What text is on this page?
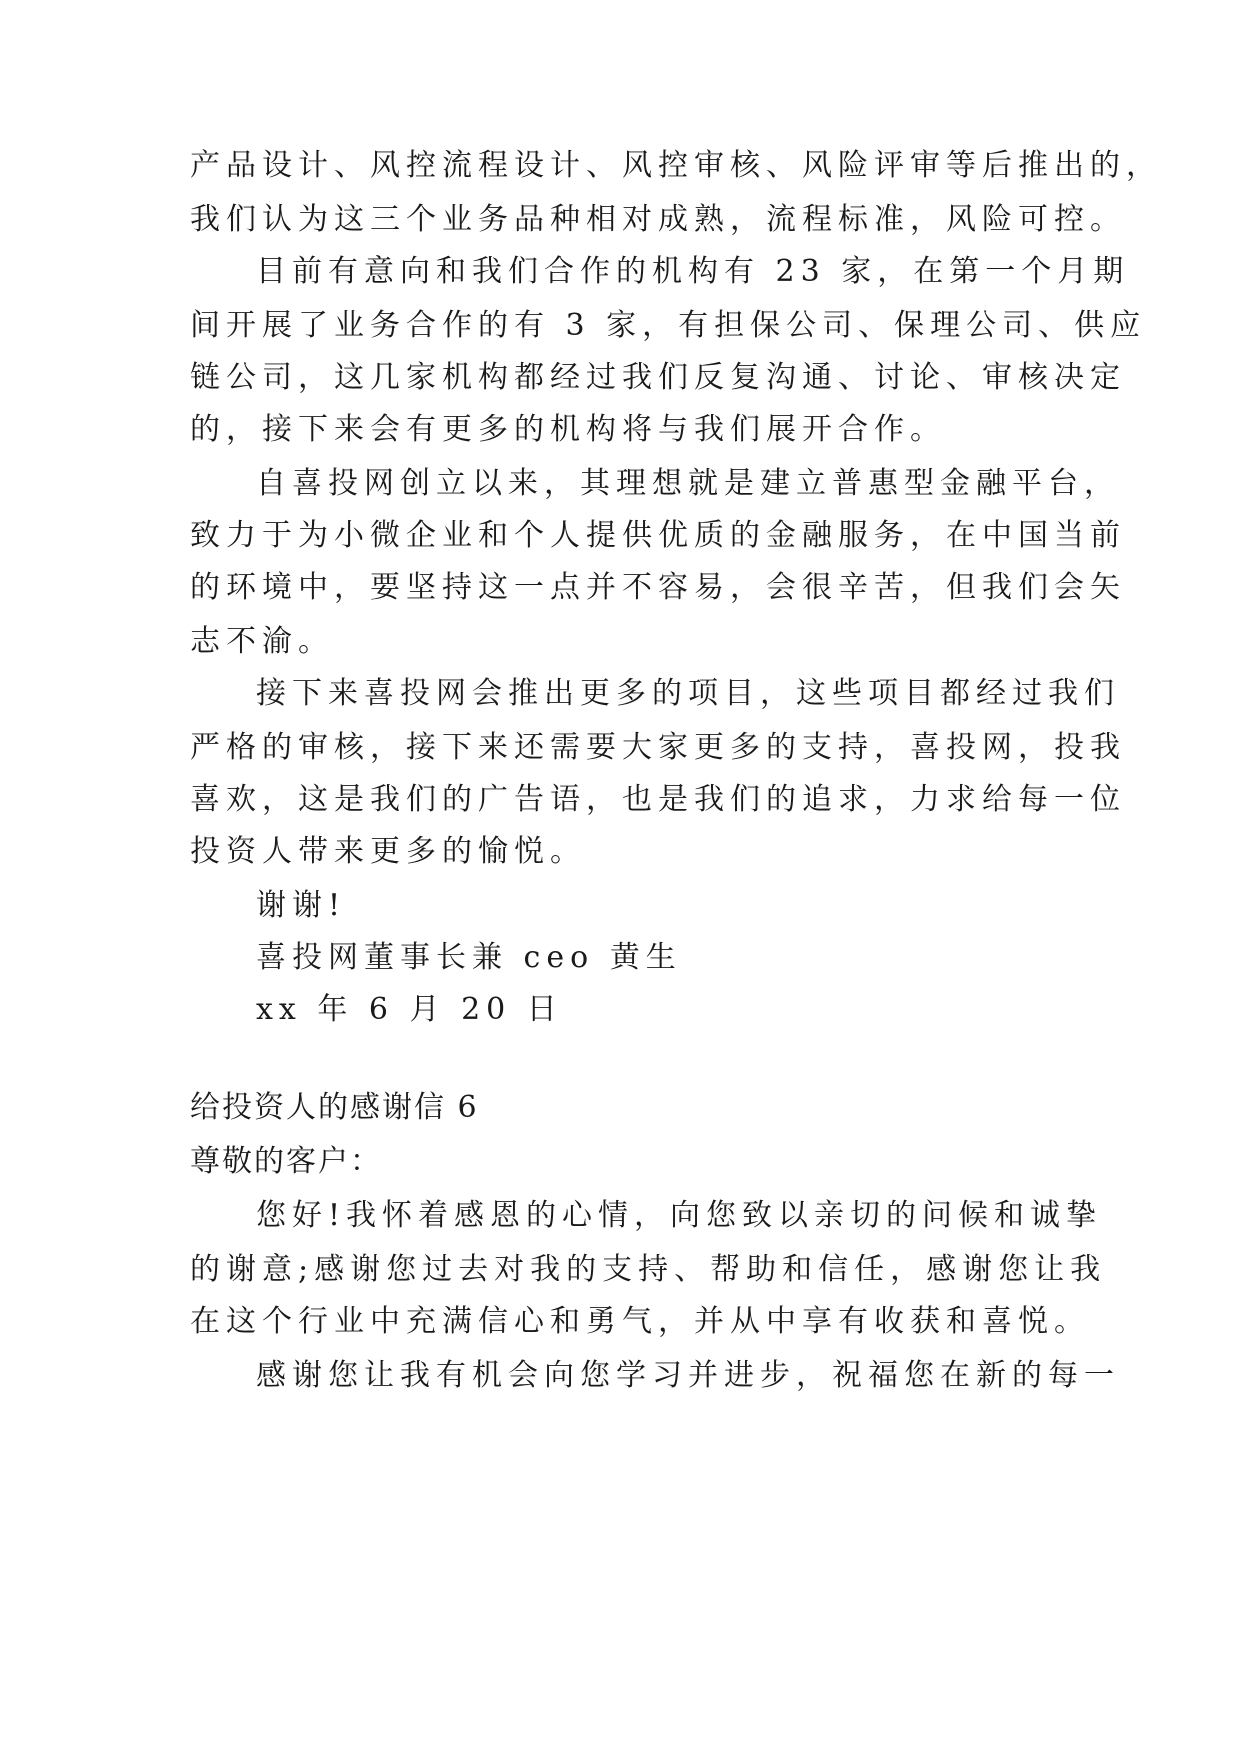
产品设计、风控流程设计、风控审核、风险评审等后推出的，
我们认为这三个业务品种相对成熟，流程标准，风险可控。
目前有意向和我们合作的机构有 23 家，在第一个月期
间开展了业务合作的有 3 家，有担保公司、保理公司、供应
链公司，这几家机构都经过我们反复沟通、讨论、审核决定
的，接下来会有更多的机构将与我们展开合作。
自喜投网创立以来，其理想就是建立普惠型金融平台，
致力于为小微企业和个人提供优质的金融服务，在中国当前
的环境中，要坚持这一点并不容易，会很辛苦，但我们会矢
志不渝。
接下来喜投网会推出更多的项目，这些项目都经过我们
严格的审核，接下来还需要大家更多的支持，喜投网，投我
喜欢，这是我们的广告语，也是我们的追求，力求给每一位
投资人带来更多的愉悦。
谢谢!
喜投网董事长兼 ceo 黄生
xx 年 6 月 20 日
给投资人的感谢信 6
尊敬的客户：
您好!我怀着感恩的心情，向您致以亲切的问候和诚挚
的谢意;感谢您过去对我的支持、帮助和信任，感谢您让我
在这个行业中充满信心和勇气，并从中享有收获和喜悦。
感谢您让我有机会向您学习并进步，祝福您在新的每一
